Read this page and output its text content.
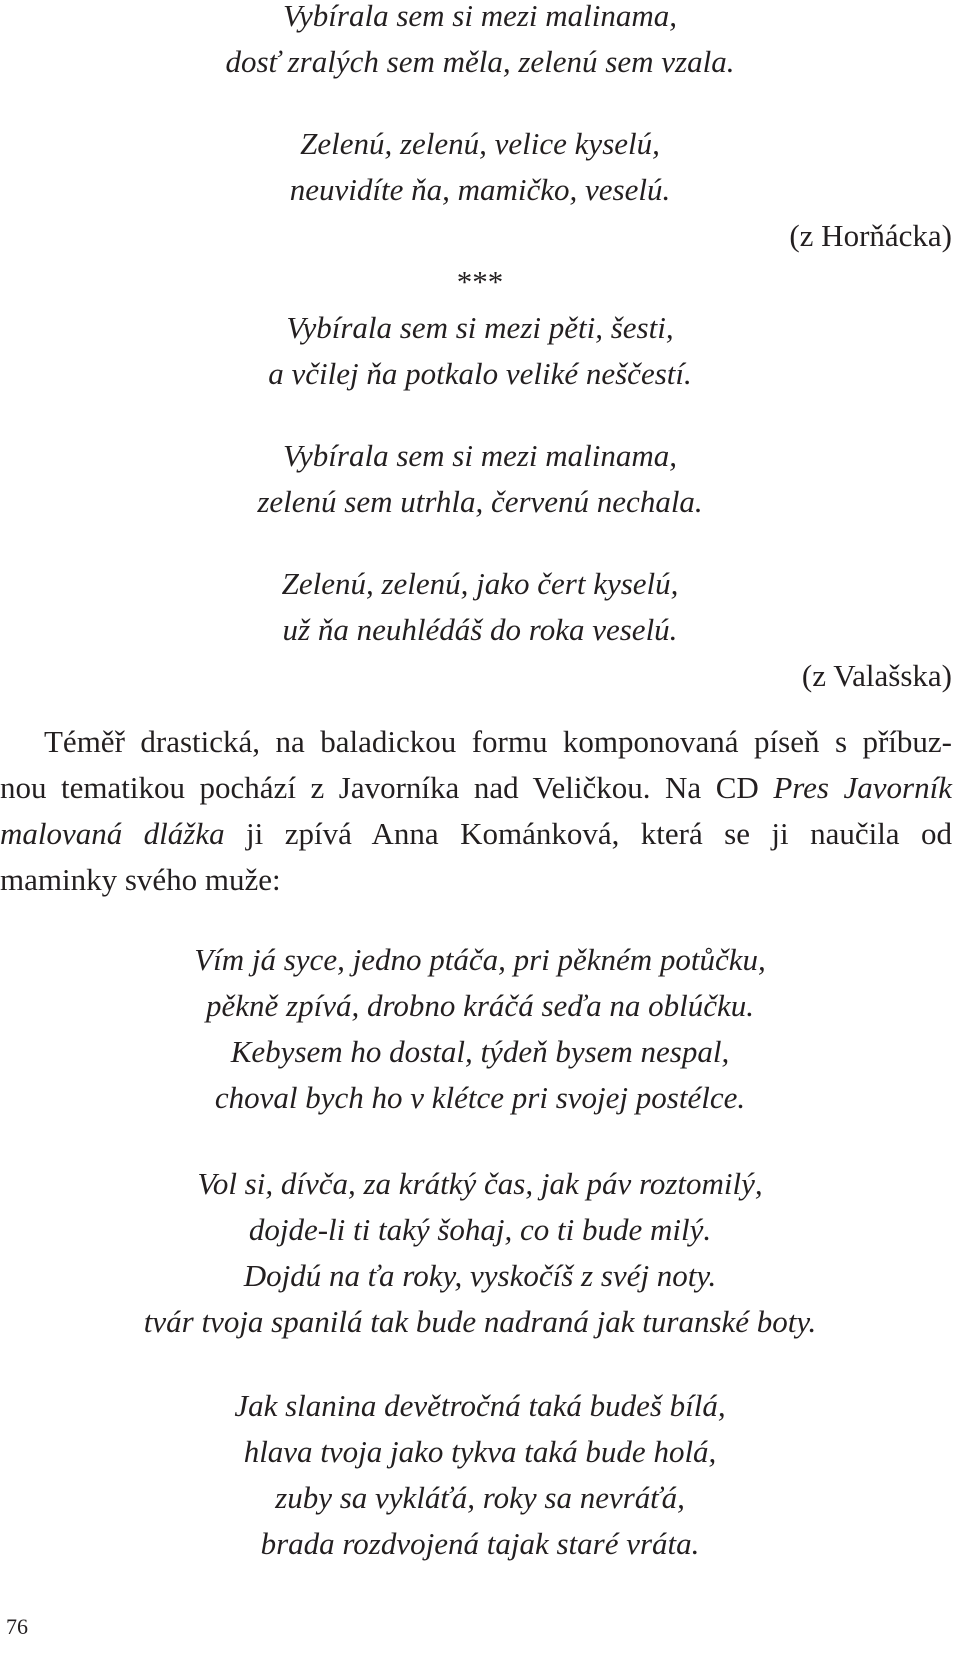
Vybírala sem si mezi malinama,
dosť zralých sem měla, zelenú sem vzala.
Zelenú, zelenú, velice kyselú,
neuvidíte ňa, mamičko, veselú.
(z Horňácka)
***
Vybírala sem si mezi pěti, šesti,
a včilej ňa potkalo veliké neščestí.
Vybírala sem si mezi malinama,
zelenú sem utrhla, červenú nechala.
Zelenú, zelenú, jako čert kyselú,
už ňa neuhlédáš do roka veselú.
(z Valašska)
Téměř drastická, na baladickou formu komponovaná píseň s příbuz-
nou tematikou pochází z Javorníka nad Veličkou. Na CD Pres Javorník
malovaná dlážka ji zpívá Anna Kománková, která se ji naučila od
maminky svého muže:
Vím já syce, jedno ptáča, pri pěkném potůčku,
pěkně zpívá, drobno kráčá seďa na oblúčku.
Kebysem ho dostal, týdeň bysem nespal,
choval bych ho v klétce pri svojej postélce.
Vol si, dívča, za krátký čas, jak páv roztomilý,
dojde-li ti taký šohaj, co ti bude milý.
Dojdú na ťa roky, vyskočíš z svéj noty.
tvár tvoja spanilá tak bude nadraná jak turanské boty.
Jak slanina devětročná taká budeš bílá,
hlava tvoja jako tykva taká bude holá,
zuby sa vykláťá, roky sa nevráťá,
brada rozdvojená tajak staré vráta.
76
